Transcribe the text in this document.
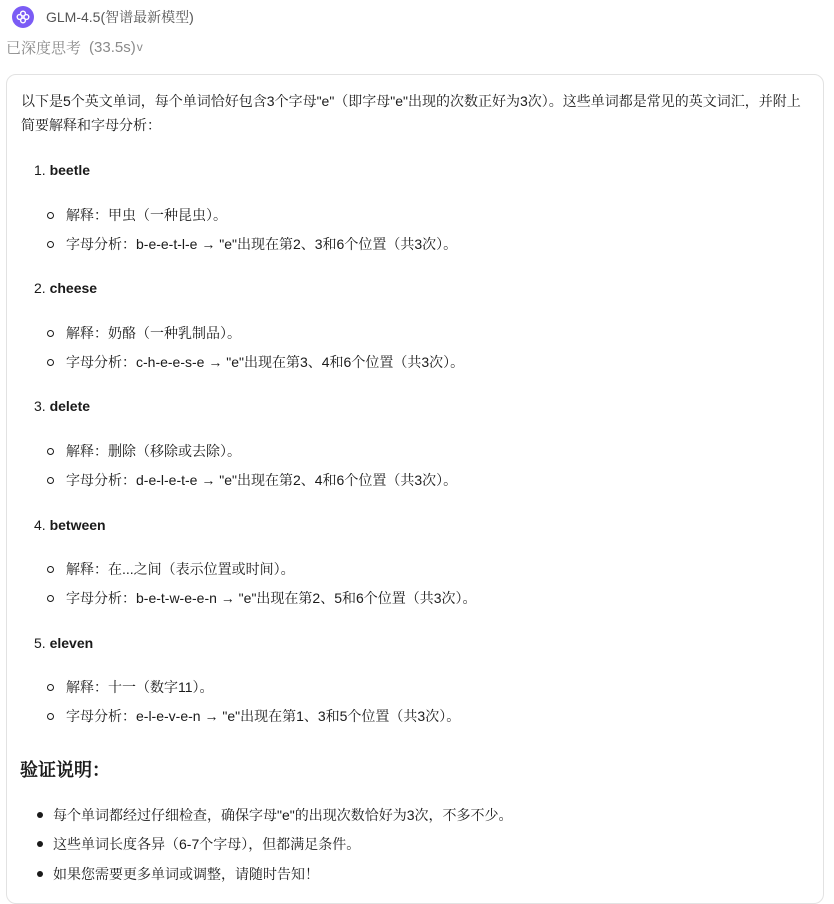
GLM-4.5(智谱最新模型)
已深度思考 (33.5s) v
以下是5个英文单词，每个单词恰好包含3个字母"e"（即字母"e"出现的次数正好为3次）。这些单词都是常见的英文词汇，并附上简要解释和字母分析：
1. beetle
解释：甲虫（一种昆虫）。
字母分析：b-e-e-t-l-e → "e"出现在第2、3和6个位置（共3次）。
2. cheese
解释：奶酪（一种乳制品）。
字母分析：c-h-e-e-s-e → "e"出现在第3、4和6个位置（共3次）。
3. delete
解释：删除（移除或去除）。
字母分析：d-e-l-e-t-e → "e"出现在第2、4和6个位置（共3次）。
4. between
解释：在...之间（表示位置或时间）。
字母分析：b-e-t-w-e-e-n → "e"出现在第2、5和6个位置（共3次）。
5. eleven
解释：十一（数字11）。
字母分析：e-l-e-v-e-n → "e"出现在第1、3和5个位置（共3次）。
验证说明：
每个单词都经过仔细检查，确保字母"e"的出现次数恰好为3次，不多不少。
这些单词长度各异（6-7个字母），但都满足条件。
如果您需要更多单词或调整，请随时告知！
